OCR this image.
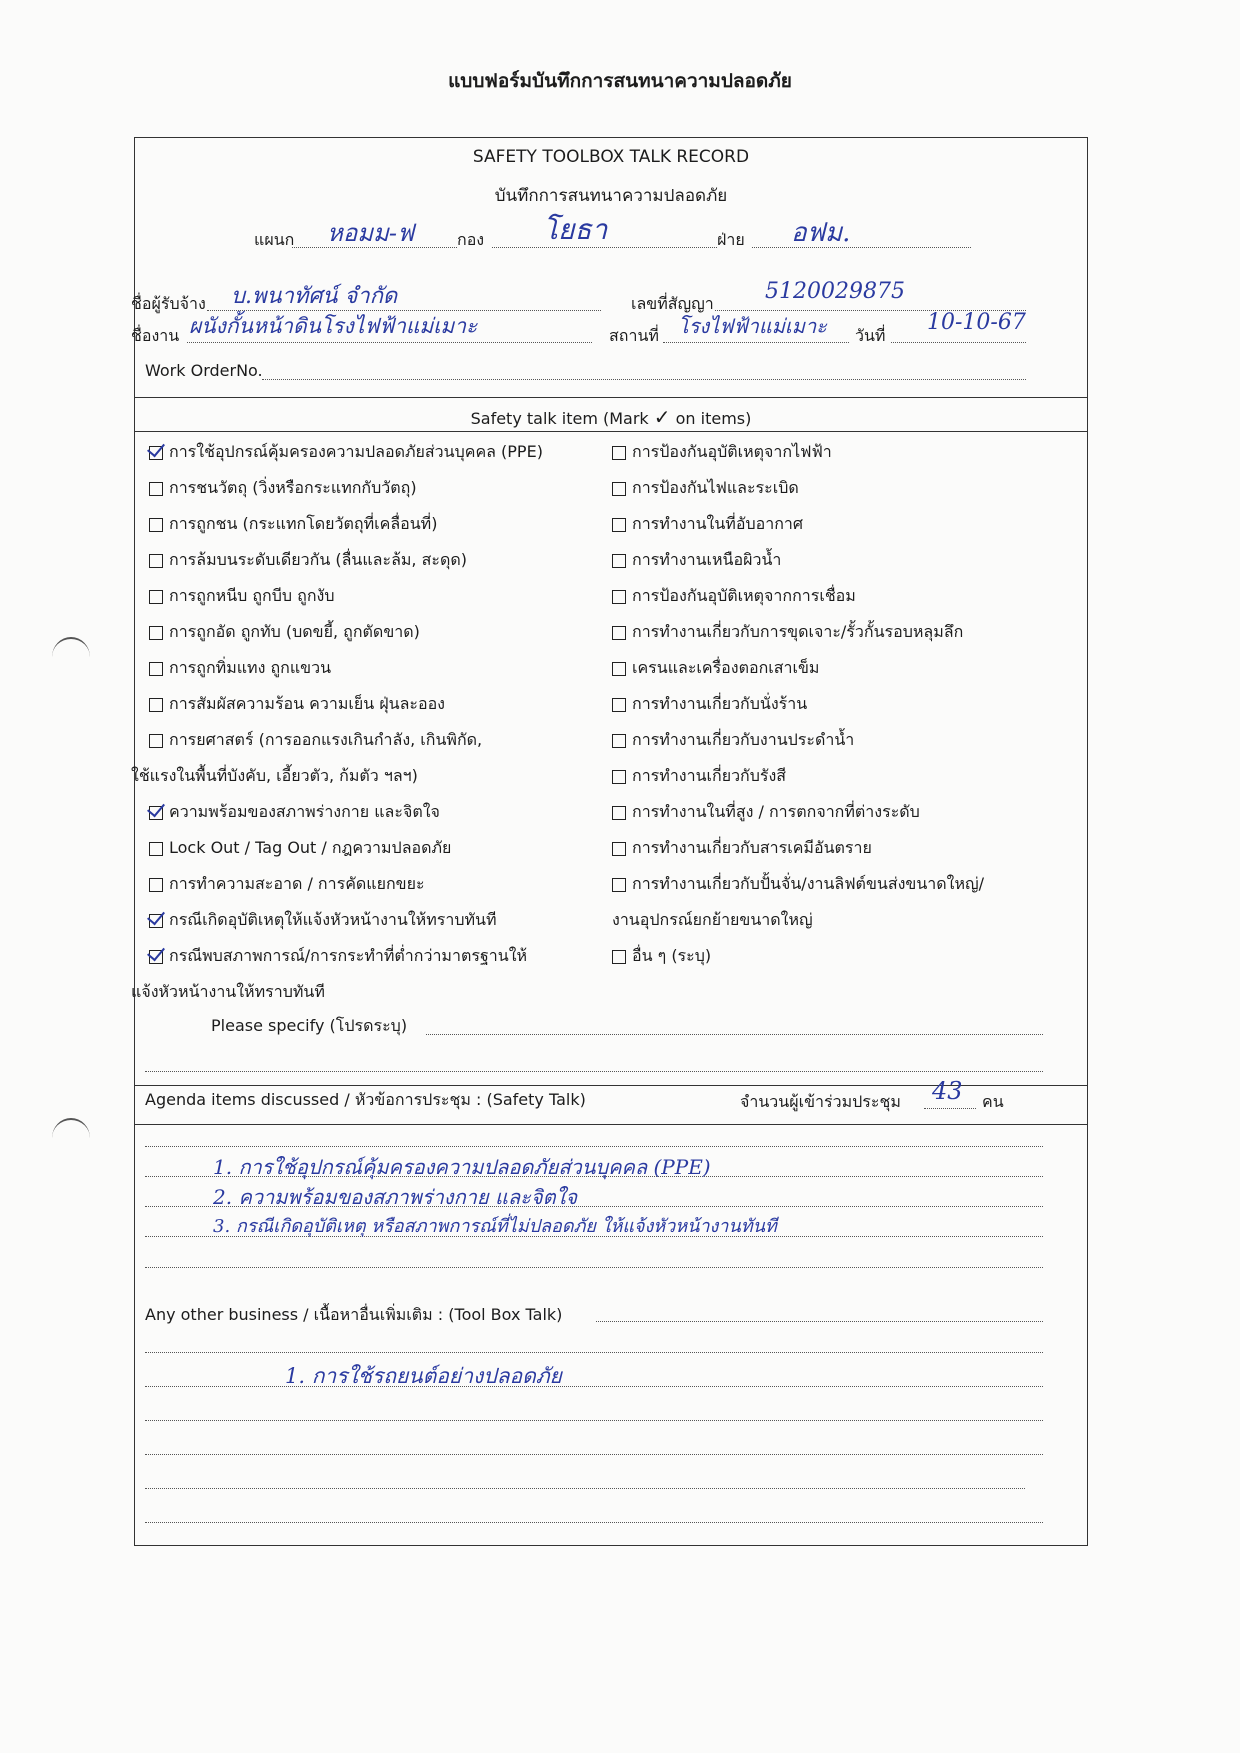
แบบฟอร์มบันทึกการสนทนาความปลอดภัย
SAFETY TOOLBOX TALK RECORD
บันทึกการสนทนาความปลอดภัย
แผนก หอมม-ฟ	กอง โยธา	ฝ่าย อฟม.
ชื่อผู้รับจ้าง บ.พนาทัศน์ จำกัด	เลขที่สัญญา 5120029875
ชื่องาน ผนังกั้นหน้าดินโรงไฟฟ้าแม่เมาะ	สถานที่ โรงไฟฟ้าแม่เมาะ วันที่
10-10-67
Work OrderNo.
Safety talk item (Mark ✓ on items)
การใช้อุปกรณ์คุ้มครองความปลอดภัยส่วนบุคคล (PPE)
การชนวัตถุ (วิ่งหรือกระแทกกับวัตถุ)
การถูกชน (กระแทกโดยวัตถุที่เคลื่อนที่)
การล้มบนระดับเดียวกัน (ลื่นและล้ม, สะดุด)
การถูกหนีบ ถูกบีบ ถูกงับ
การถูกอัด ถูกทับ (บดขยี้, ถูกตัดขาด)
การถูกทิ่มแทง ถูกแขวน
การสัมผัสความร้อน ความเย็น ฝุ่นละออง
การยศาสตร์ (การออกแรงเกินกำลัง, เกินพิกัด,
ใช้แรงในพื้นที่บังคับ, เอี้ยวตัว, ก้มตัว ฯลฯ)
ความพร้อมของสภาพร่างกาย และจิตใจ
Lock Out / Tag Out / กฎความปลอดภัย
การทำความสะอาด / การคัดแยกขยะ
กรณีเกิดอุบัติเหตุให้แจ้งหัวหน้างานให้ทราบทันที
กรณีพบสภาพการณ์/การกระทำที่ต่ำกว่ามาตรฐานให้
แจ้งหัวหน้างานให้ทราบทันที
การป้องกันอุบัติเหตุจากไฟฟ้า
การป้องกันไฟและระเบิด
การทำงานในที่อับอากาศ
การทำงานเหนือผิวน้ำ
การป้องกันอุบัติเหตุจากการเชื่อม
การทำงานเกี่ยวกับการขุดเจาะ/รั้วกั้นรอบหลุมลึก
เครนและเครื่องตอกเสาเข็ม
การทำงานเกี่ยวกับนั่งร้าน
การทำงานเกี่ยวกับงานประดำน้ำ
การทำงานเกี่ยวกับรังสี
การทำงานในที่สูง / การตกจากที่ต่างระดับ
การทำงานเกี่ยวกับสารเคมีอันตราย
การทำงานเกี่ยวกับปั้นจั่น/งานลิฟต์ขนส่งขนาดใหญ่/
งานอุปกรณ์ยกย้ายขนาดใหญ่
อื่น ๆ (ระบุ)
Please specify (โปรดระบุ)
Agenda items discussed / หัวข้อการประชุม : (Safety Talk)	จำนวนผู้เข้าร่วมประชุม 43 คน
1. การใช้อุปกรณ์คุ้มครองความปลอดภัยส่วนบุคคล (PPE)
2. ความพร้อมของสภาพร่างกาย และจิตใจ
3. กรณีเกิดอุบัติเหตุ หรือสภาพการณ์ที่ไม่ปลอดภัย ให้แจ้งหัวหน้างานทันที
Any other business / เนื้อหาอื่นเพิ่มเติม : (Tool Box Talk)
1. การใช้รถยนต์อย่างปลอดภัย
